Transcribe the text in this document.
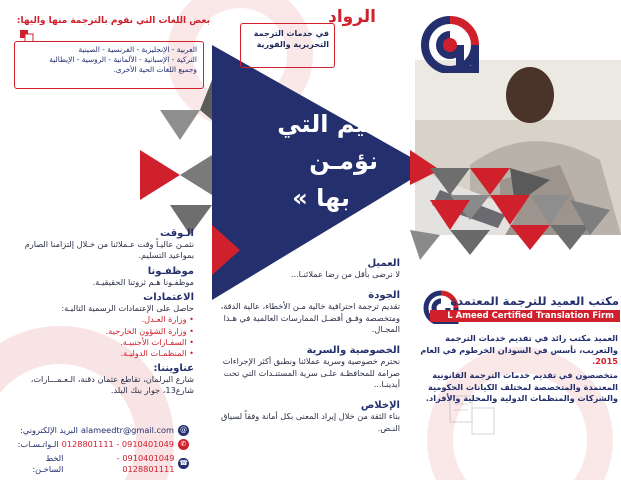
الرواد
في خدمات الترجمة
التحريرية والفورية
بعض اللغات التي نقوم بالترجمة منها واليها:
العربية - الإنجليزية - الفرنسية - الصينية
التركية - الإسبانية - الألمانية - الروسية - الإيطالية
وجميع اللغات الحية الأخرى.
القيم التي
نؤمـن
بها »
الـوقت
نثمـن عاليـاً وقت عـملائنا من خـلال إلتزامنا الصارم بمواعيد التسليم.
موظفـونا
موظفـونا هـم ثروتنا الحقيقيـة.
الاعتمادات
حاصل على الإعتمادات الرسمية التاليـة:
• وزارة العـدل.
• وزارة الشؤون الخارجية.
• السفـارات الأجنبيـة.
• المنظمـات الدوليـة.
عناويننا:
شارع البرلمان، تقاطع عثمان دقنة، الـعـمـــارات، شارع13، جوار بنك البلد.
alameedtr@gmail.com
البريد الإلكتروني:	@
0910401049 - 0128801111
الـواتـسـاب:	✆
0910401049 - 0128801111
الخط الساخـن:
☎
العميل
لا نرضى بأقل من رضا عملائنـا...
الجودة
تقديم ترجمة احترافية خالية مـن الأخطاء، عالية الدقة، ومتخصصة وفـق أفضـل الممارسات العالمية في هـذا المجـال.
الخصوصية والسرية
نحترم خصوصية وسرية عملائنا ونطبق أكثر الإجراءات صرامة للمحافظـة علـى سرية المستنـدات التي تحت أيدينـا...
الإخلاص
بناء الثقة من خلال إيراد المعنى بكل أمانة وفقاً لسياق النـص.
مكتب العميد للترجمة المعتمدة
L Ameed Certified Translation Firm
العميد مكتب رائد في تقديم خدمات الترجمة والتعريب، تأسس في السودان الخرطوم في العام 2015.
متخصصون في تقديم خدمات الترجمة القانونية المعتمدة والمتخصصة لمختلف الكيانات الحكومية والشركات والمنظمات الدولية والمحلية والأفراد.
